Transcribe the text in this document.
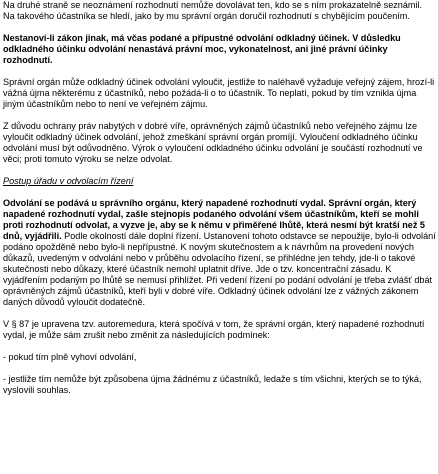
Na druhé straně se neoznámení rozhodnutí nemůže dovolávat ten, kdo se s ním prokazatelně seznámil. Na takového účastníka se hledí, jako by mu správní orgán doručil rozhodnutí s chybějícím poučením.

Nestanoví-li zákon jinak, má včas podané a přípustné odvolání odkladný účinek. V důsledku odkladného účinku odvolání nenastává právní moc, vykonatelnost, ani jiné právní účinky rozhodnutí.

Správní orgán může odkladný účinek odvolání vyloučit, jestliže to naléhavě vyžaduje veřejný zájem, hrozí-li vážná újma některému z účastníků, nebo požádá-li o to účastník. To neplatí, pokud by tím vznikla újma jiným účastníkům nebo to není ve veřejném zájmu.

Z důvodu ochrany práv nabytých v dobré víře, oprávněných zájmů účastníků nebo veřejného zájmu lze vyloučit odkladný účinek odvolání, jehož zmeškání správní orgán promíjí. Vyloučení odkladného účinku odvolání musí být odůvodněno. Výrok o vyloučení odkladného účinku odvolání je součástí rozhodnutí ve věci; proti tomuto výroku se nelze odvolat.

Postup úřadu v odvolacím řízení

Odvolání se podává u správního orgánu, který napadené rozhodnutí vydal. Správní orgán, který napadené rozhodnutí vydal, zašle stejnopis podaného odvolání všem účastníkům, kteří se mohli proti rozhodnutí odvolat, a vyzve je, aby se k němu v přiměřené lhůtě, která nesmí být kratší než 5 dnů, vyjádřili. Podle okolností dále doplní řízení. Ustanovení tohoto odstavce se nepoužije, bylo-li odvolání podáno opožděně nebo bylo-li nepřípustné. K novým skutečnostem a k návrhům na provedení nových důkazů, uvedeným v odvolání nebo v průběhu odvolacího řízení, se přihlédne jen tehdy, jde-li o takové skutečnosti nebo důkazy, které účastník nemohl uplatnit dříve. Jde o tzv. koncentrační zásadu. K vyjádřením podaným po lhůtě se nemusí přihlížet. Při vedení řízení po podání odvolání je třeba zvlášť dbát oprávněných zájmů účastníků, kteří byli v dobré víře. Odkladný účinek odvolání lze z vážných zákonem daných důvodů vyloučit dodatečně.

V § 87 je upravena tzv. autoremedura, která spočívá v tom, že správní orgán, který napadené rozhodnutí vydal, je může sám zrušit nebo změnit za následujících podmínek:

- pokud tím plně vyhoví odvolání,

- jestliže tím nemůže být způsobena újma žádnému z účastníků, ledaže s tím všichni, kterých se to týká, vyslovili souhlas.
